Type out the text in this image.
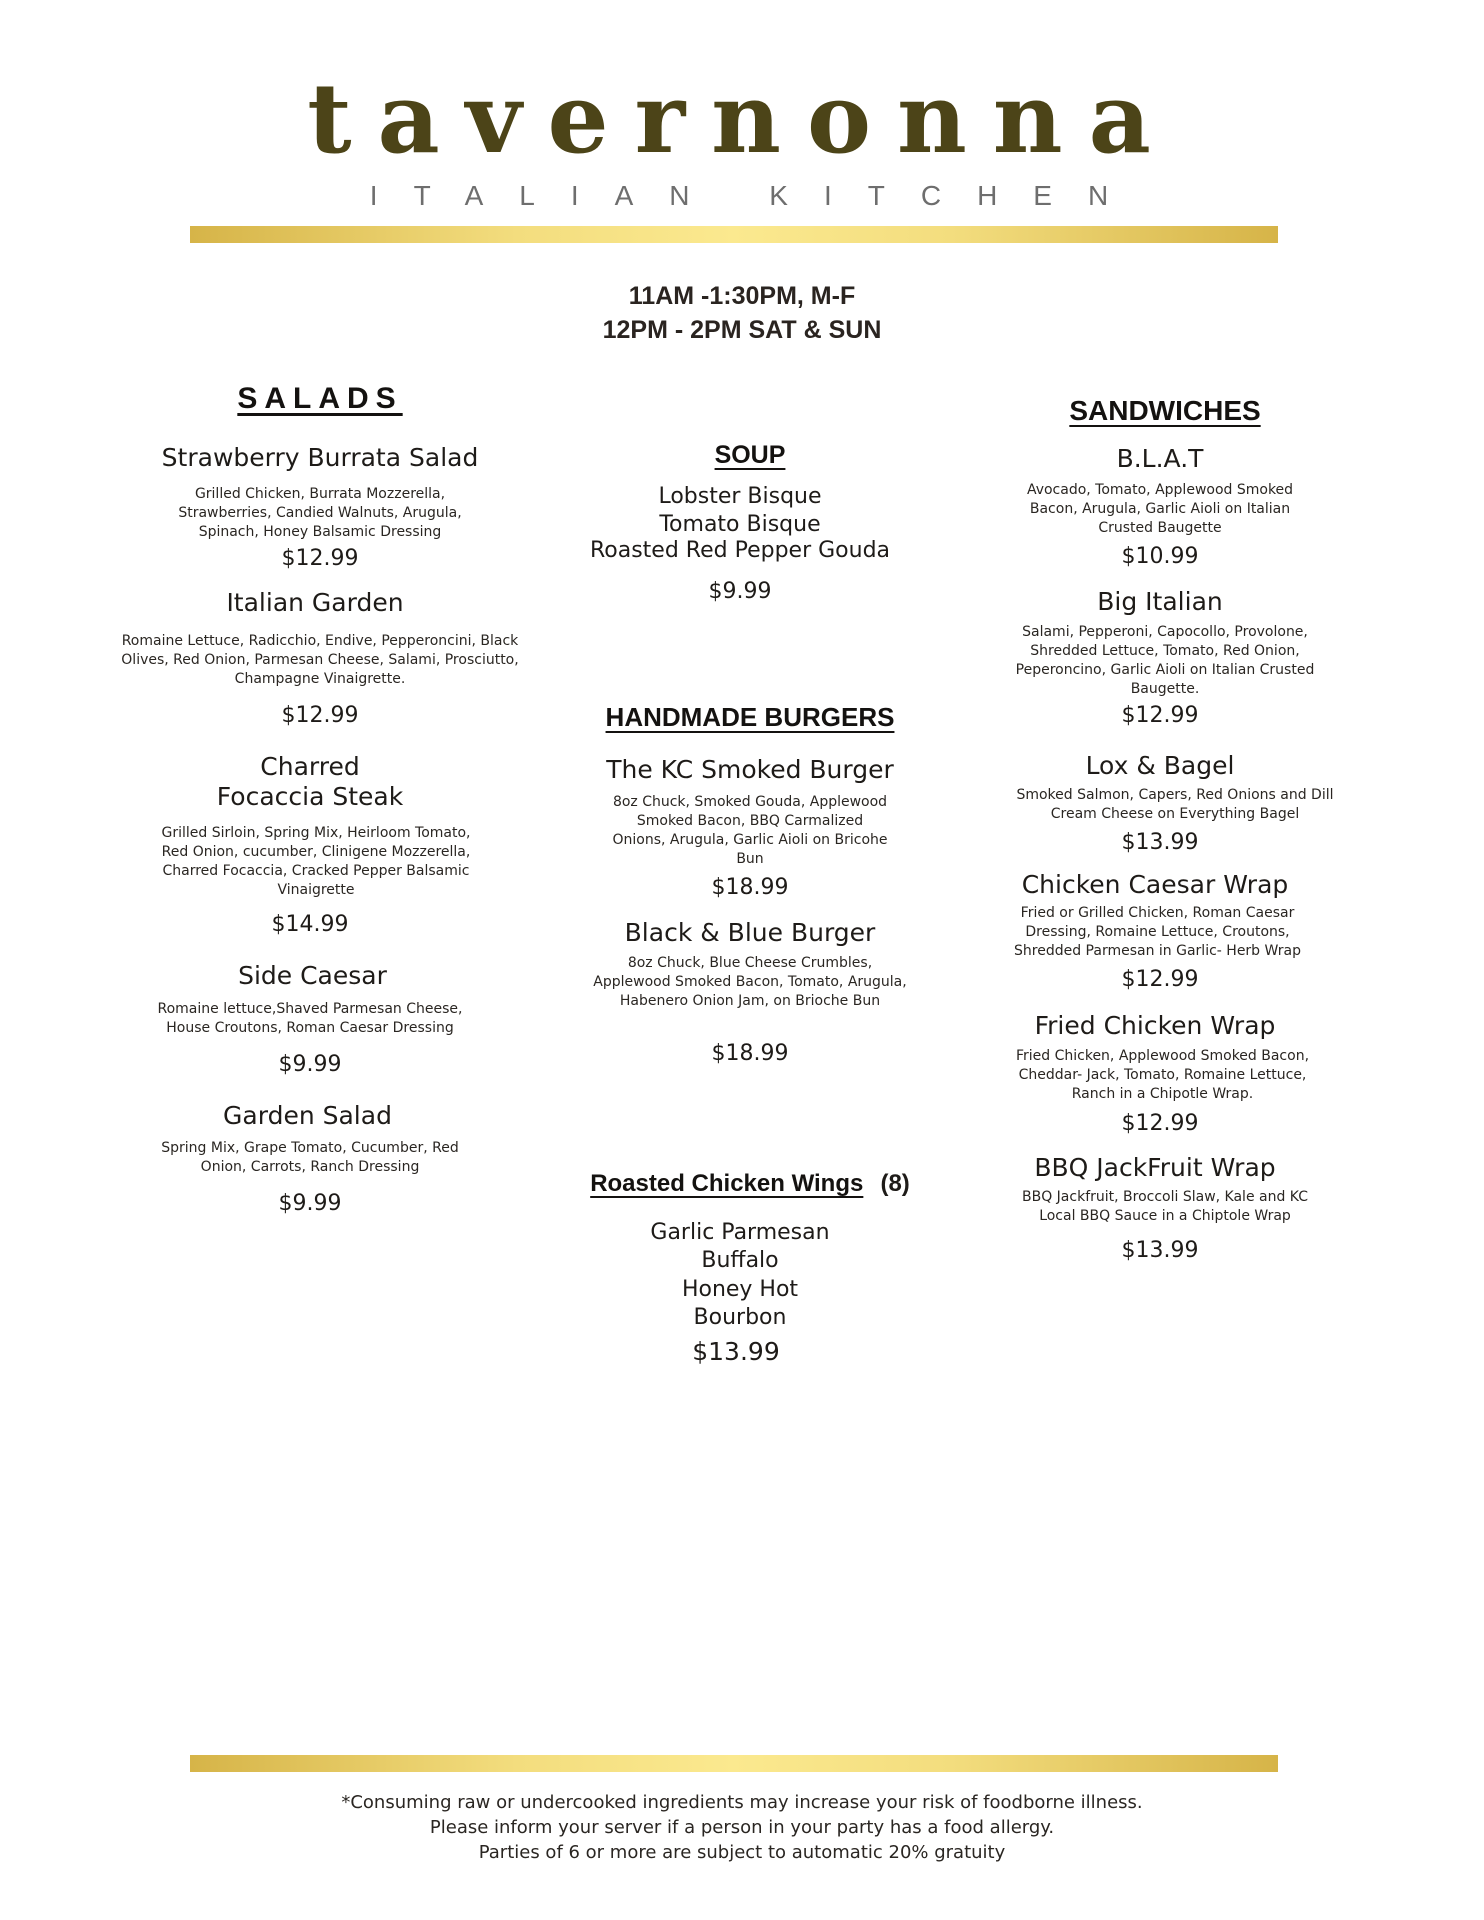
tavernonna
ITALIAN KITCHEN
11AM -1:30PM, M-F
12PM - 2PM SAT & SUN
SALADS
Strawberry Burrata Salad
Grilled Chicken, Burrata Mozzerella, Strawberries, Candied Walnuts, Arugula, Spinach, Honey Balsamic Dressing
$12.99
Italian Garden
Romaine Lettuce, Radicchio, Endive, Pepperoncini, Black Olives, Red Onion, Parmesan Cheese, Salami, Prosciutto, Champagne Vinaigrette.
$12.99
Charred Focaccia Steak
Grilled Sirloin, Spring Mix, Heirloom Tomato, Red Onion, cucumber, Clinigene Mozzerella, Charred Focaccia, Cracked Pepper Balsamic Vinaigrette
$14.99
Side Caesar
Romaine lettuce,Shaved Parmesan Cheese, House Croutons, Roman Caesar Dressing
$9.99
Garden Salad
Spring Mix, Grape Tomato, Cucumber, Red Onion, Carrots, Ranch Dressing
$9.99
SOUP
Lobster Bisque
Tomato Bisque
Roasted Red Pepper Gouda
$9.99
HANDMADE BURGERS
The KC Smoked Burger
8oz Chuck, Smoked Gouda, Applewood Smoked Bacon, BBQ Carmalized Onions, Arugula, Garlic Aioli on Bricohe Bun
$18.99
Black & Blue Burger
8oz Chuck, Blue Cheese Crumbles, Applewood Smoked Bacon, Tomato, Arugula, Habenero Onion Jam, on Brioche Bun
$18.99
Roasted Chicken Wings (8)
Garlic Parmesan
Buffalo
Honey Hot
Bourbon
$13.99
SANDWICHES
B.L.A.T
Avocado, Tomato, Applewood Smoked Bacon, Arugula, Garlic Aioli on Italian Crusted Baugette
$10.99
Big Italian
Salami, Pepperoni, Capocollo, Provolone, Shredded Lettuce, Tomato, Red Onion, Peperoncino, Garlic Aioli on Italian Crusted Baugette.
$12.99
Lox & Bagel
Smoked Salmon, Capers, Red Onions and Dill Cream Cheese on Everything Bagel
$13.99
Chicken Caesar Wrap
Fried or Grilled Chicken, Roman Caesar Dressing, Romaine Lettuce, Croutons, Shredded Parmesan in Garlic- Herb Wrap
$12.99
Fried Chicken Wrap
Fried Chicken, Applewood Smoked Bacon, Cheddar- Jack, Tomato, Romaine Lettuce, Ranch in a Chipotle Wrap.
$12.99
BBQ JackFruit Wrap
BBQ Jackfruit, Broccoli Slaw, Kale and KC Local BBQ Sauce in a Chiptole Wrap
$13.99
*Consuming raw or undercooked ingredients may increase your risk of foodborne illness.
Please inform your server if a person in your party has a food allergy.
Parties of 6 or more are subject to automatic 20% gratuity
